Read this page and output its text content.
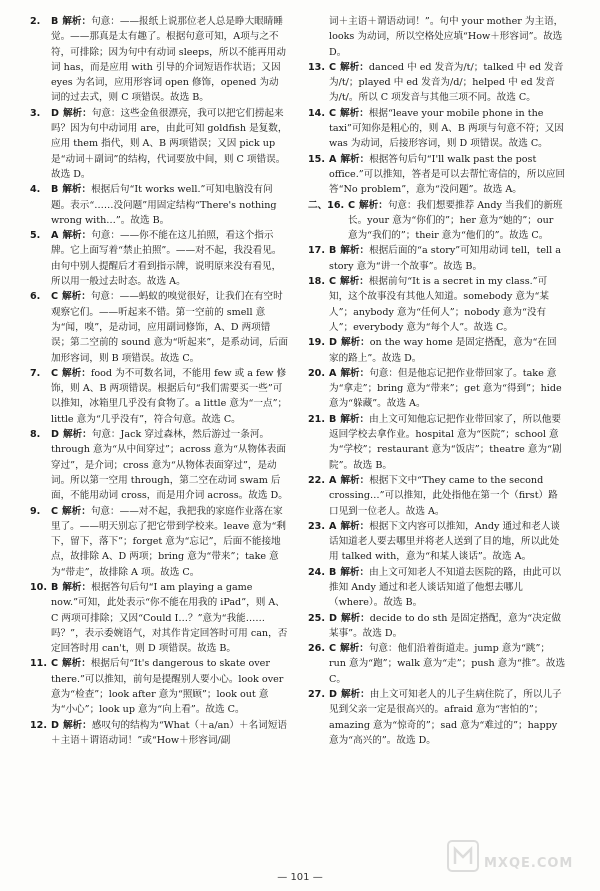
2. B 解析：句意：——报纸上说那位老人总是睁大眼睛睡觉。——那真是太有趣了。根据句意可知，A项与之不符，可排除；因为句中有动词 sleeps，所以不能再用动词 has，而是应用 with 引导的介词短语作状语；又因 eyes 为名词，应用形容词 open 修饰，opened 为动词的过去式，则 C 项错误。故选 B。

3. D 解析：句意：这些金鱼很漂亮，我可以把它们捞起来吗？因为句中动词用 are，由此可知 goldfish 是复数，应用 them 指代，则 A、B 两项错误；又因 pick up 是“动词＋副词”的结构，代词要放中间，则 C 项错误。故选 D。

4. B 解析：根据后句“It works well.”可知电脑没有问题。表示“……没问题”用固定结构“There's nothing wrong with…”。故选 B。

5. A 解析：句意：——你不能在这儿拍照，看这个指示牌。它上面写着“禁止拍照”。——对不起，我没看见。由句中别人提醒后才看到指示牌，说明原来没有看见，所以用一般过去时态。故选 A。

6. C 解析：句意：——蚂蚁的嗅觉很好，让我们在有空时观察它们。——听起来不错。第一空前的 smell 意为“闻，嗅”，是动词，应用副词修饰，A、D 两项错误；第二空前的 sound 意为“听起来”，是系动词，后面加形容词，则 B 项错误。故选 C。

7. C 解析：food 为不可数名词，不能用 few 或 a few 修饰，则 A、B 两项错误。根据后句“我们需要买一些”可以推知，冰箱里几乎没有食物了。a little 意为“一点”；little 意为“几乎没有”，符合句意。故选 C。

8. D 解析：句意：Jack 穿过森林，然后游过一条河。through 意为“从中间穿过”；across 意为“从物体表面穿过”，是介词；cross 意为“从物体表面穿过”，是动词。所以第一空用 through，第二空在动词 swam 后面，不能用动词 cross，而是用介词 across。故选 D。

9. C 解析：句意：——对不起，我把我的家庭作业落在家里了。——明天别忘了把它带到学校来。leave 意为“剩下，留下，落下”；forget 意为“忘记”，后面不能接地点，故排除 A、D 两项；bring 意为“带来”；take 意为“带走”，故排除 A 项。故选 C。

10. B 解析：根据答句后句“I am playing a game now.”可知，此处表示“你不能在用我的 iPad”，则 A、C 两项可排除；又因“Could I…？”意为“我能……吗？”，表示委婉语气，对其作肯定回答时可用 can，否定回答时用 can't，则 D 项错误。故选 B。

11. C 解析：根据后句“It's dangerous to skate over there.”可以推知，前句是提醒别人要小心。look over 意为“检查”；look after 意为“照顾”；look out 意为“小心”；look up 意为“向上看”。故选 C。

12. D 解析：感叹句的结构为“What（＋a/an）＋名词短语＋主语＋谓语动词！”或“How＋形容词/副

词＋主语＋谓语动词！”。句中 your mother 为主语，looks 为动词，所以空格处应填“How＋形容词”。故选 D。

13. C 解析：danced 中 ed 发音为/t/；talked 中 ed 发音为/t/；played 中 ed 发音为/d/；helped 中 ed 发音为/t/。所以 C 项发音与其他三项不同。故选 C。

14. C 解析：根据“leave your mobile phone in the taxi”可知你是粗心的，则 A、B 两项与句意不符；又因 was 为动词，后接形容词，则 D 项错误。故选 C。

15. A 解析：根据答句后句“I'll walk past the post office.”可以推知，答者是可以去帮忙寄信的，所以应回答“No problem”，意为“没问题”。故选 A。

二、16. C 解析：句意：我们想要推荐 Andy 当我们的新班长。your 意为“你们的”；her 意为“她的”；our 意为“我们的”；their 意为“他们的”。故选 C。

17. B 解析：根据后面的“a story”可知用动词 tell，tell a story 意为“讲一个故事”。故选 B。

18. C 解析：根据前句“It is a secret in my class.”可知，这个故事没有其他人知道。somebody 意为“某人”；anybody 意为“任何人”；nobody 意为“没有人”；everybody 意为“每个人”。故选 C。

19. D 解析：on the way home 是固定搭配，意为“在回家的路上”。故选 D。

20. A 解析：句意：但是他忘记把作业带回家了。take 意为“拿走”；bring 意为“带来”；get 意为“得到”；hide 意为“躲藏”。故选 A。

21. B 解析：由上文可知他忘记把作业带回家了，所以他要返回学校去拿作业。hospital 意为“医院”；school 意为“学校”；restaurant 意为“饭店”；theatre 意为“剧院”。故选 B。

22. A 解析：根据下文中“They came to the second crossing…”可以推知，此处指他在第一个（first）路口见到一位老人。故选 A。

23. A 解析：根据下文内容可以推知，Andy 通过和老人谈话知道老人要去哪里并将老人送到了目的地，所以此处用 talked with，意为“和某人谈话”。故选 A。

24. B 解析：由上文可知老人不知道去医院的路，由此可以推知 Andy 通过和老人谈话知道了他想去哪儿（where）。故选 B。

25. D 解析：decide to do sth 是固定搭配，意为“决定做某事”。故选 D。

26. C 解析：句意：他们沿着街道走。jump 意为“跳”；run 意为“跑”；walk 意为“走”；push 意为“推”。故选 C。

27. D 解析：由上文可知老人的儿子生病住院了，所以儿子见到父亲一定是很高兴的。afraid 意为“害怕的”；amazing 意为“惊奇的”；sad 意为“难过的”；happy 意为“高兴的”。故选 D。

— 101 —
MXQE.COM
